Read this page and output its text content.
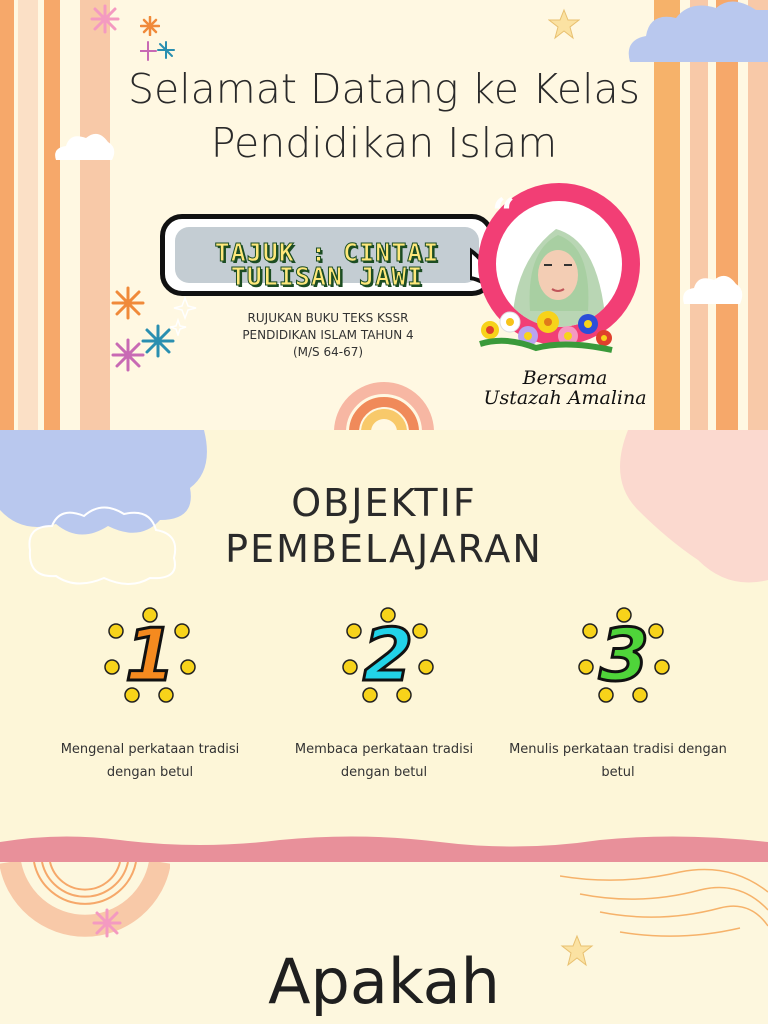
Selamat Datang ke Kelas
Pendidikan Islam
TAJUK : CINTAI
TULISAN JAWI
RUJUKAN BUKU TEKS KSSR
PENDIDIKAN ISLAM TAHUN 4
(M/S 64-67)
“
Bersama
Ustazah Amalina
OBJEKTIF
PEMBELAJARAN
1	2	3
Mengenal perkataan tradisi dengan betul
Membaca perkataan tradisi dengan betul
Menulis perkataan tradisi dengan betul
Apakah
